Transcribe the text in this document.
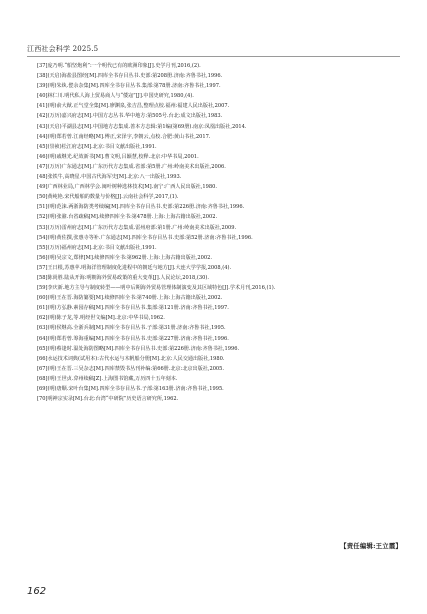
江西社会科学 2025.5

[37]庞乃明.“船坚炮利”:一个明代已有的欧洲印象[J].史学月刊,2016,(2).

[38](天启)海盐县图经[M].四库全书存目丛书.史部:第208册.济南:齐鲁书社,1996.

[39](明)朱纨.甓余杂集[M].四库全书存目丛书.集部:第78册.济南:齐鲁书社,1997.

[40]林仁川.明代私人海上贸易商人与“倭寇”[J].中国史研究,1980,(4).

[41](明)俞大猷.正气堂全集[M].廖渊泉,张吉昌,整理点校.福州:福建人民出版社,2007.

[42](万历)嘉兴府志[M].中国方志丛书.华中地方:第505号.台北:成文出版社,1983.

[43](天启)平湖县志[M].中国地方志集成.善本方志辑:第1编(第69册).南京:凤凰出版社,2014.

[44](明)郑若曾.江南经略[M].傅正,宋泽宇,李朝云,点校.合肥:黄山书社,2017.

[45](崇祯)松江府志[M].北京:书目文献出版社,1991.

[46](明)戚继光.纪效新书[M].曹文明,吕颖慧,校释.北京:中华书局,2001.

[47](万历)广东通志[M].广东历代方志集成.省部:第5册.广州:岭南美术出版社,2006.

[48]张铁牛,高晓星.中国古代海军史[M].北京:八一出版社,1993.

[49]广西林业局,广西林学会.闽叶树种选林技术[M].南宁:广西人民出版社,1980.

[50]黄纯艳.宋代船舶的数量与价格[J].云南社会科学,2017,(1).

[51](明)范涞.两浙海防类考续编[M].四库全书存目丛书.史部:第226册.济南:齐鲁书社,1996.

[52](明)张鼐.台省疏稿[M].续修四库全书:第478册.上海:上海古籍出版社,2002.

[53](万历)雷州府志[M].广东历代方志集成.雷州府部:第1册.广州:岭南美术出版社,2009.

[54](明)黄佐撰,张惠寺等补.广东通志[M].四库全书存目丛书.史部:第52册.济南:齐鲁书社,1996.

[55](万历)福州府志[M].北京:书目文献出版社,1991.

[56](明)吴宗文,郑律[M].续修四库全书:第962册.上海:上海古籍出版社,2002.

[57]王日根,苏惠苹.明海洋管理制度化进程中的朝廷与地方[J].大连大学学报,2008,(4).

[58]陈尚胜.陆从开海:明朝海外贸易政策的重大变革[J].人民论坛,2018,(30).

[59]李庆新.地方主导与制度转型——明中后期海外贸易管理体制演变及其区域特色[J].学术月刊,2016,(1).

[60](明)王在晋.海防纂要[M].续修四库全书:第740册.上海:上海古籍出版社,2002.

[61](明)方弘静.素园存稿[M].四库全书存目丛书.集部:第121册.济南:齐鲁书社,1997.

[62](明)陈子龙,等.明经世文编[M].北京:中华书局,1962.

[63](明)侯继高.全浙兵制[M].四库全书存目丛书.子部:第31册.济南:齐鲁书社,1995.

[64](明)郑若曾.筹海重编[M].四库全书存目丛书.史部:第227册.济南:齐鲁书社,1996.

[65](明)蔡逢时.温处海防图略[M].四库全书存目丛书.史部:第226册.济南:齐鲁书社,1996.

[66]水运技术词典(试用本):古代水运与木帆船分册[M].北京:人民交通出版社,1980.

[67](明)王在晋.三吴杂志[M].四库禁毁书丛刊补编:第66册.北京:北京出版社,2005.

[68](明)王世贞.弇州续稿[Z].上海图书馆藏,万历四十五年刻本.

[69](明)唐顺.宋叶台集[M].四库全书存目丛书.子部:第163册.济南:齐鲁书社,1995.

[70]明神宗实录[M].台北:台湾“中研院”历史语言研究所,1962.

【责任编辑:王立霞】
162
